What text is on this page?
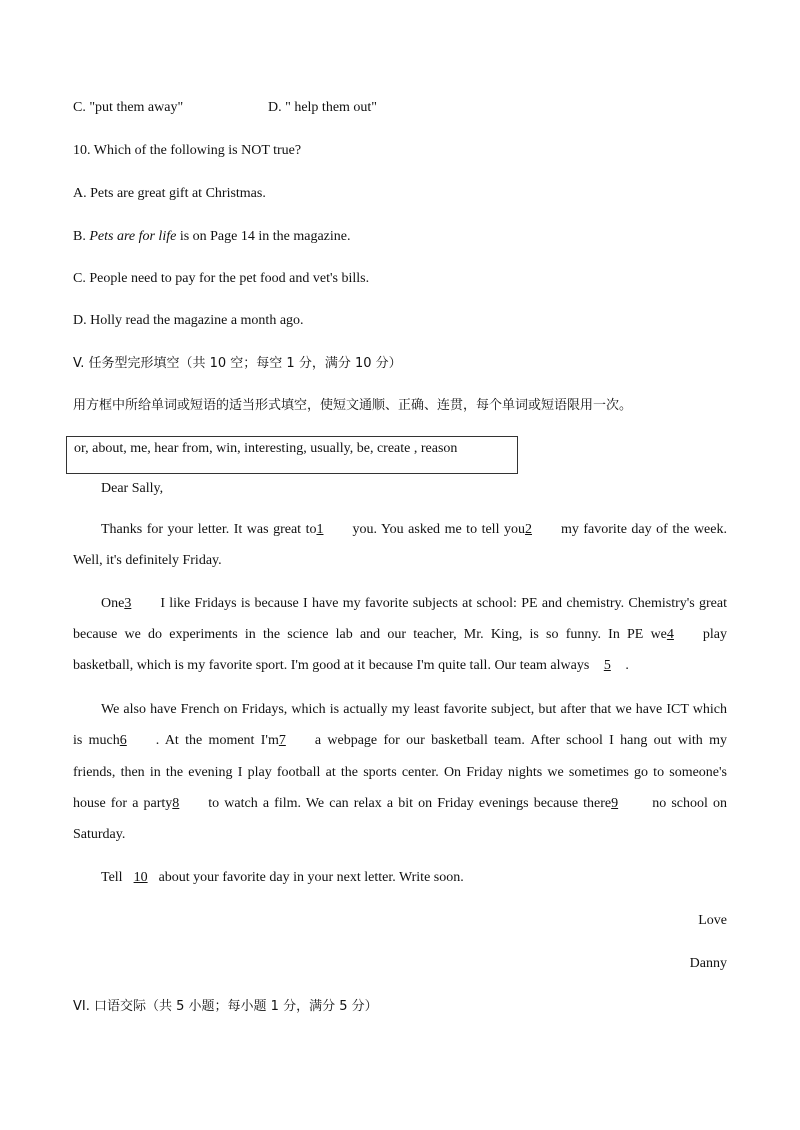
C. "put them away"	D. " help them out"
10. Which of the following is NOT true?
A. Pets are great gift at Christmas.
B. Pets are for life is on Page 14 in the magazine.
C. People need to pay for the pet food and vet's bills.
D. Holly read the magazine a month ago.
V. 任务型完形填空（共 10 空；每空 1 分，满分 10 分）
用方框中所给单词或短语的适当形式填空，使短文通顺、正确、连贯，每个单词或短语限用一次。
or, about, me, hear from, win, interesting, usually, be, create , reason
Dear Sally,
Thanks for your letter. It was great to1 you. You asked me to tell you2 my favorite day of the week.
Well, it's definitely Friday.
One3 I like Fridays is because I have my favorite subjects at school: PE and chemistry. Chemistry's great
because we do experiments in the science lab and our teacher, Mr. King, is so funny. In PE we4 play
basketball, which is my favorite sport. I'm good at it because I'm quite tall. Our team always 5 .
We also have French on Fridays, which is actually my least favorite subject, but after that we have ICT which
is much6 . At the moment I'm7 a webpage for our basketball team. After school I hang out with my
friends, then in the evening I play football at the sports center. On Friday nights we sometimes go to someone's
house for a party8 to watch a film. We can relax a bit on Friday evenings because there9 no school on
Saturday.
Tell 10 about your favorite day in your next letter. Write soon.
Love
Danny
VI. 口语交际（共 5 小题；每小题 1 分，满分 5 分）
